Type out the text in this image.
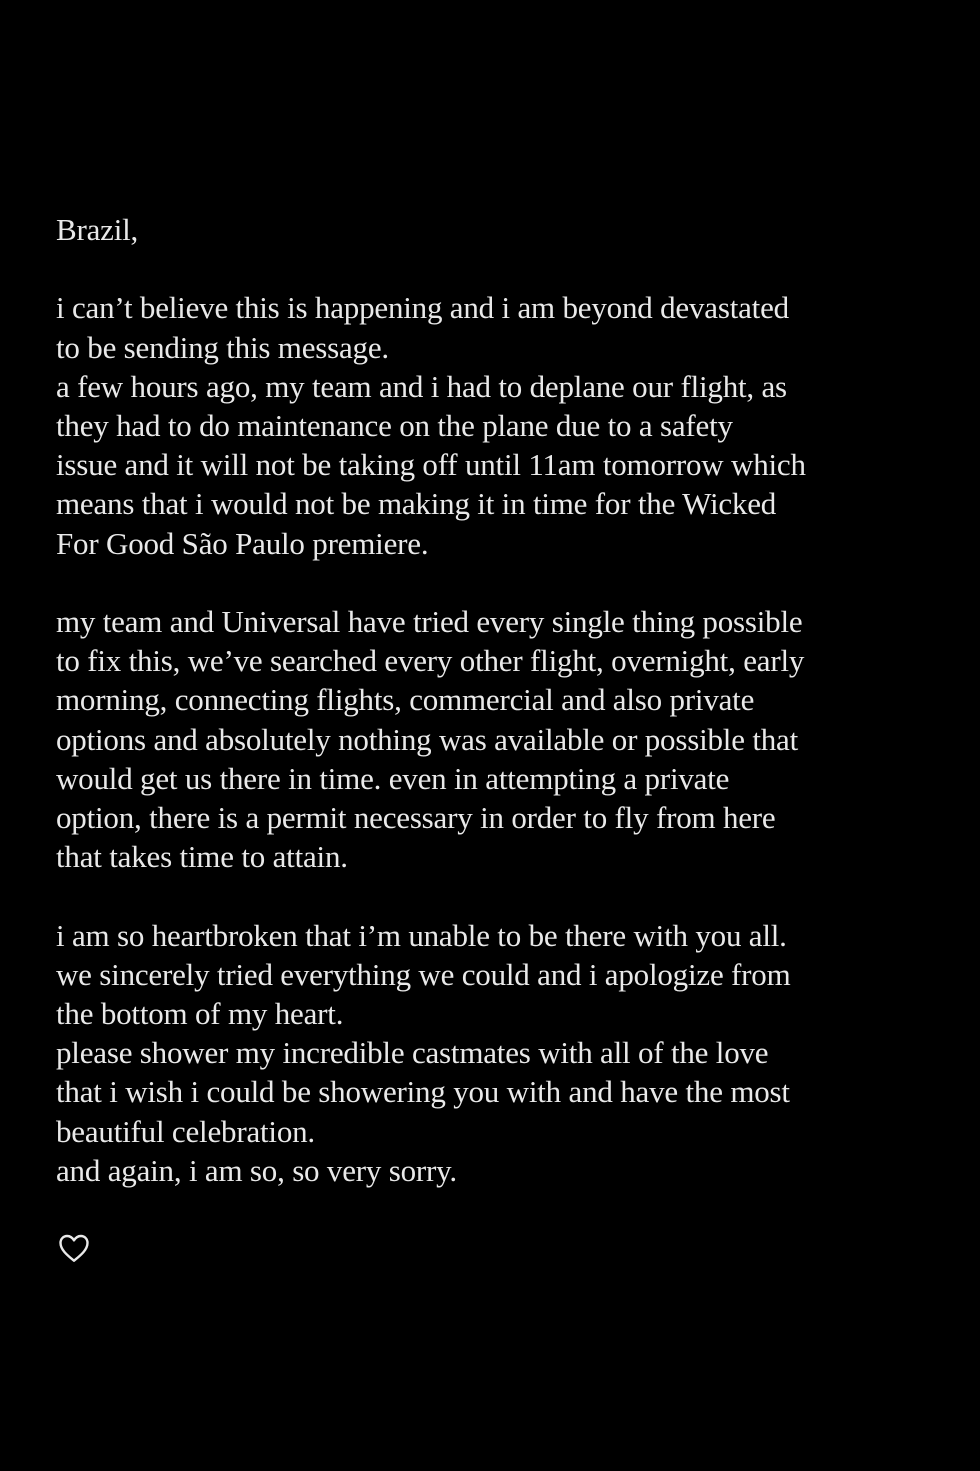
Brazil,
i can’t believe this is happening and i am beyond devastated
to be sending this message.
a few hours ago, my team and i had to deplane our flight, as
they had to do maintenance on the plane due to a safety
issue and it will not be taking off until 11am tomorrow which
means that i would not be making it in time for the Wicked
For Good São Paulo premiere.
my team and Universal have tried every single thing possible
to fix this, we’ve searched every other flight, overnight, early
morning, connecting flights, commercial and also private
options and absolutely nothing was available or possible that
would get us there in time. even in attempting a private
option, there is a permit necessary in order to fly from here
that takes time to attain.
i am so heartbroken that i’m unable to be there with you all.
we sincerely tried everything we could and i apologize from
the bottom of my heart.
please shower my incredible castmates with all of the love
that i wish i could be showering you with and have the most
beautiful celebration.
and again, i am so, so very sorry.
